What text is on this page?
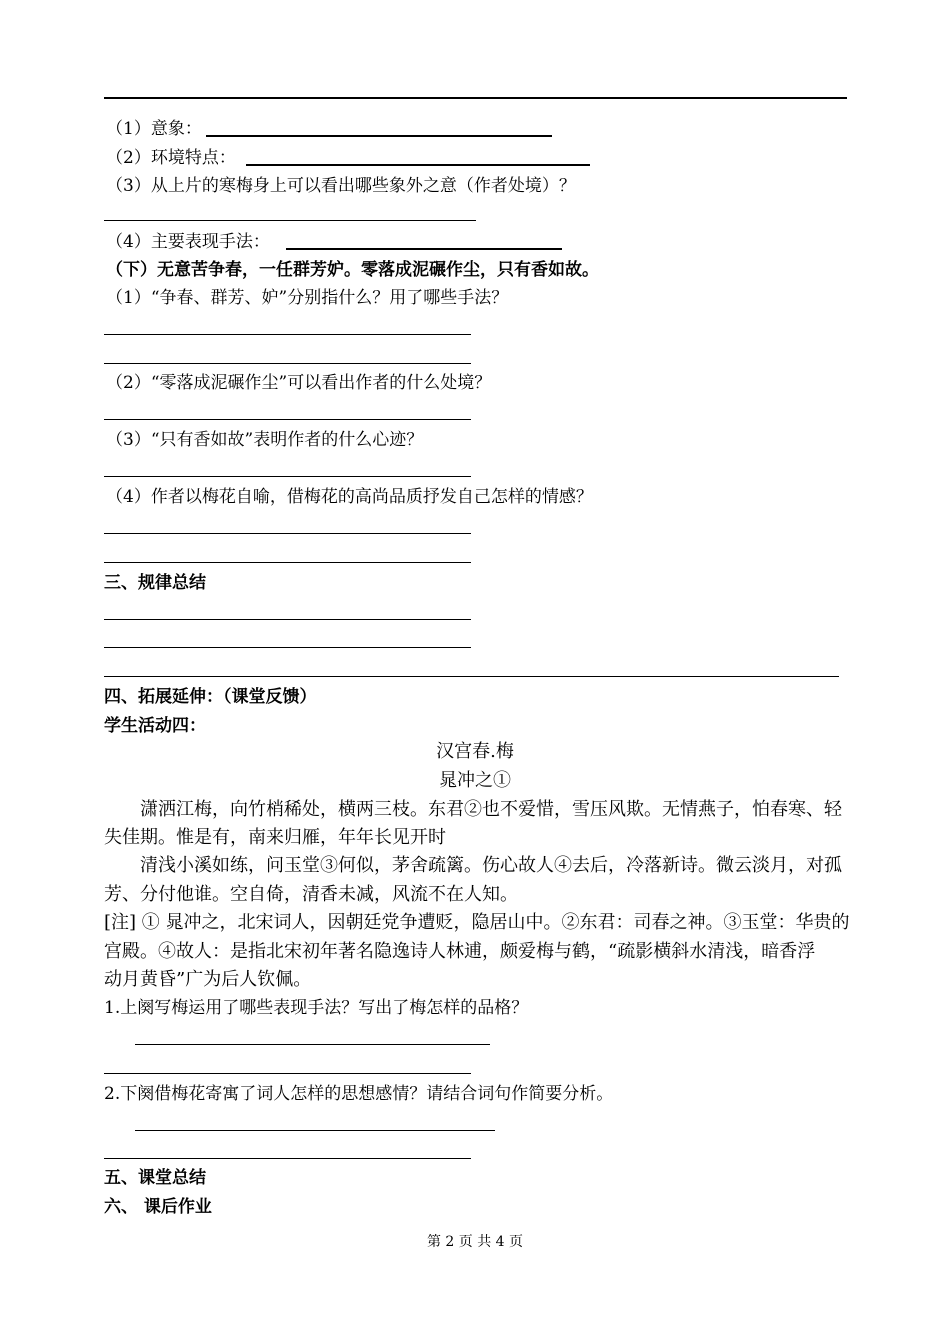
（1）意象：
（2）环境特点：
（3）从上片的寒梅身上可以看出哪些象外之意（作者处境）？
（4）主要表现手法：
（下）无意苦争春，一任群芳妒。零落成泥碾作尘，只有香如故。
（1）“争春、群芳、妒”分别指什么？用了哪些手法？
（2）“零落成泥碾作尘”可以看出作者的什么处境？
（3）“只有香如故”表明作者的什么心迹？
（4）作者以梅花自喻，借梅花的高尚品质抒发自己怎样的情感？
三、规律总结
四、拓展延伸：（课堂反馈）
学生活动四：
汉宫春.梅
晁冲之①
潇洒江梅，向竹梢稀处，横两三枝。东君②也不爱惜，雪压风欺。无情燕子，怕春寒、轻
失佳期。惟是有，南来归雁，年年长见开时
清浅小溪如练，问玉堂③何似，茅舍疏篱。伤心故人④去后，冷落新诗。微云淡月，对孤
芳、分付他谁。空自倚，清香未减，风流不在人知。
[注] ① 晁冲之，北宋词人，因朝廷党争遭贬，隐居山中。②东君：司春之神。③玉堂：华贵的
宫殿。④故人：是指北宋初年著名隐逸诗人林逋，颇爱梅与鹤，“疏影横斜水清浅，暗香浮
动月黄昏”广为后人钦佩。
1.上阕写梅运用了哪些表现手法？写出了梅怎样的品格？
2.下阕借梅花寄寓了词人怎样的思想感情？请结合词句作简要分析。
五、课堂总结
六、 课后作业
第 2 页 共 4 页
